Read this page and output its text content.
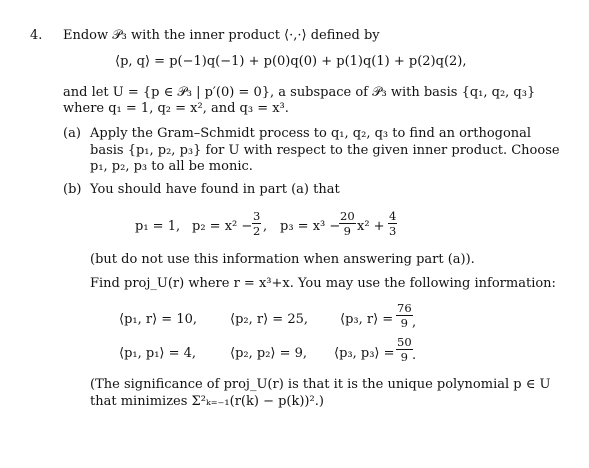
4. Endow 𝒫₃ with the inner product ⟨·,·⟩ defined by
⟨p, q⟩ = p(−1)q(−1) + p(0)q(0) + p(1)q(1) + p(2)q(2),
and let U = {p ∈ 𝒫₃ | p′(0) = 0}, a subspace of 𝒫₃ with basis {q₁, q₂, q₃}
where q₁ = 1, q₂ = x², and q₃ = x³.
(a) Apply the Gram–Schmidt process to q₁, q₂, q₃ to find an orthogonal
basis {p₁, p₂, p₃} for U with respect to the given inner product. Choose
p₁, p₂, p₃ to all be monic.
(b) You should have found in part (a) that
p₁ = 1, $p_2 = x^2 - \frac{3}{2}$ , p₃ = x³ −
$\frac{20}{9} x^2 + \frac{4}{3}$
(but do not use this information when answering part (a)).
Find proj_U(r) where r = x³+x. You may use the following information:
⟨p₁, r⟩ = 10,	⟨p₂, r⟩ = 25, ⟨p₃, r⟩ = $\frac{76}{9}$ ,
⟨p₁, p₁⟩ = 4,	⟨p₂, p₂⟩ = 9, ⟨p₃, p₃⟩ = $\frac{50}{9}$ .
(The significance of proj_U(r) is that it is the unique polynomial p ∈ U
that minimizes Σ²ₖ₌₋₁(r(k) − p(k))².)
